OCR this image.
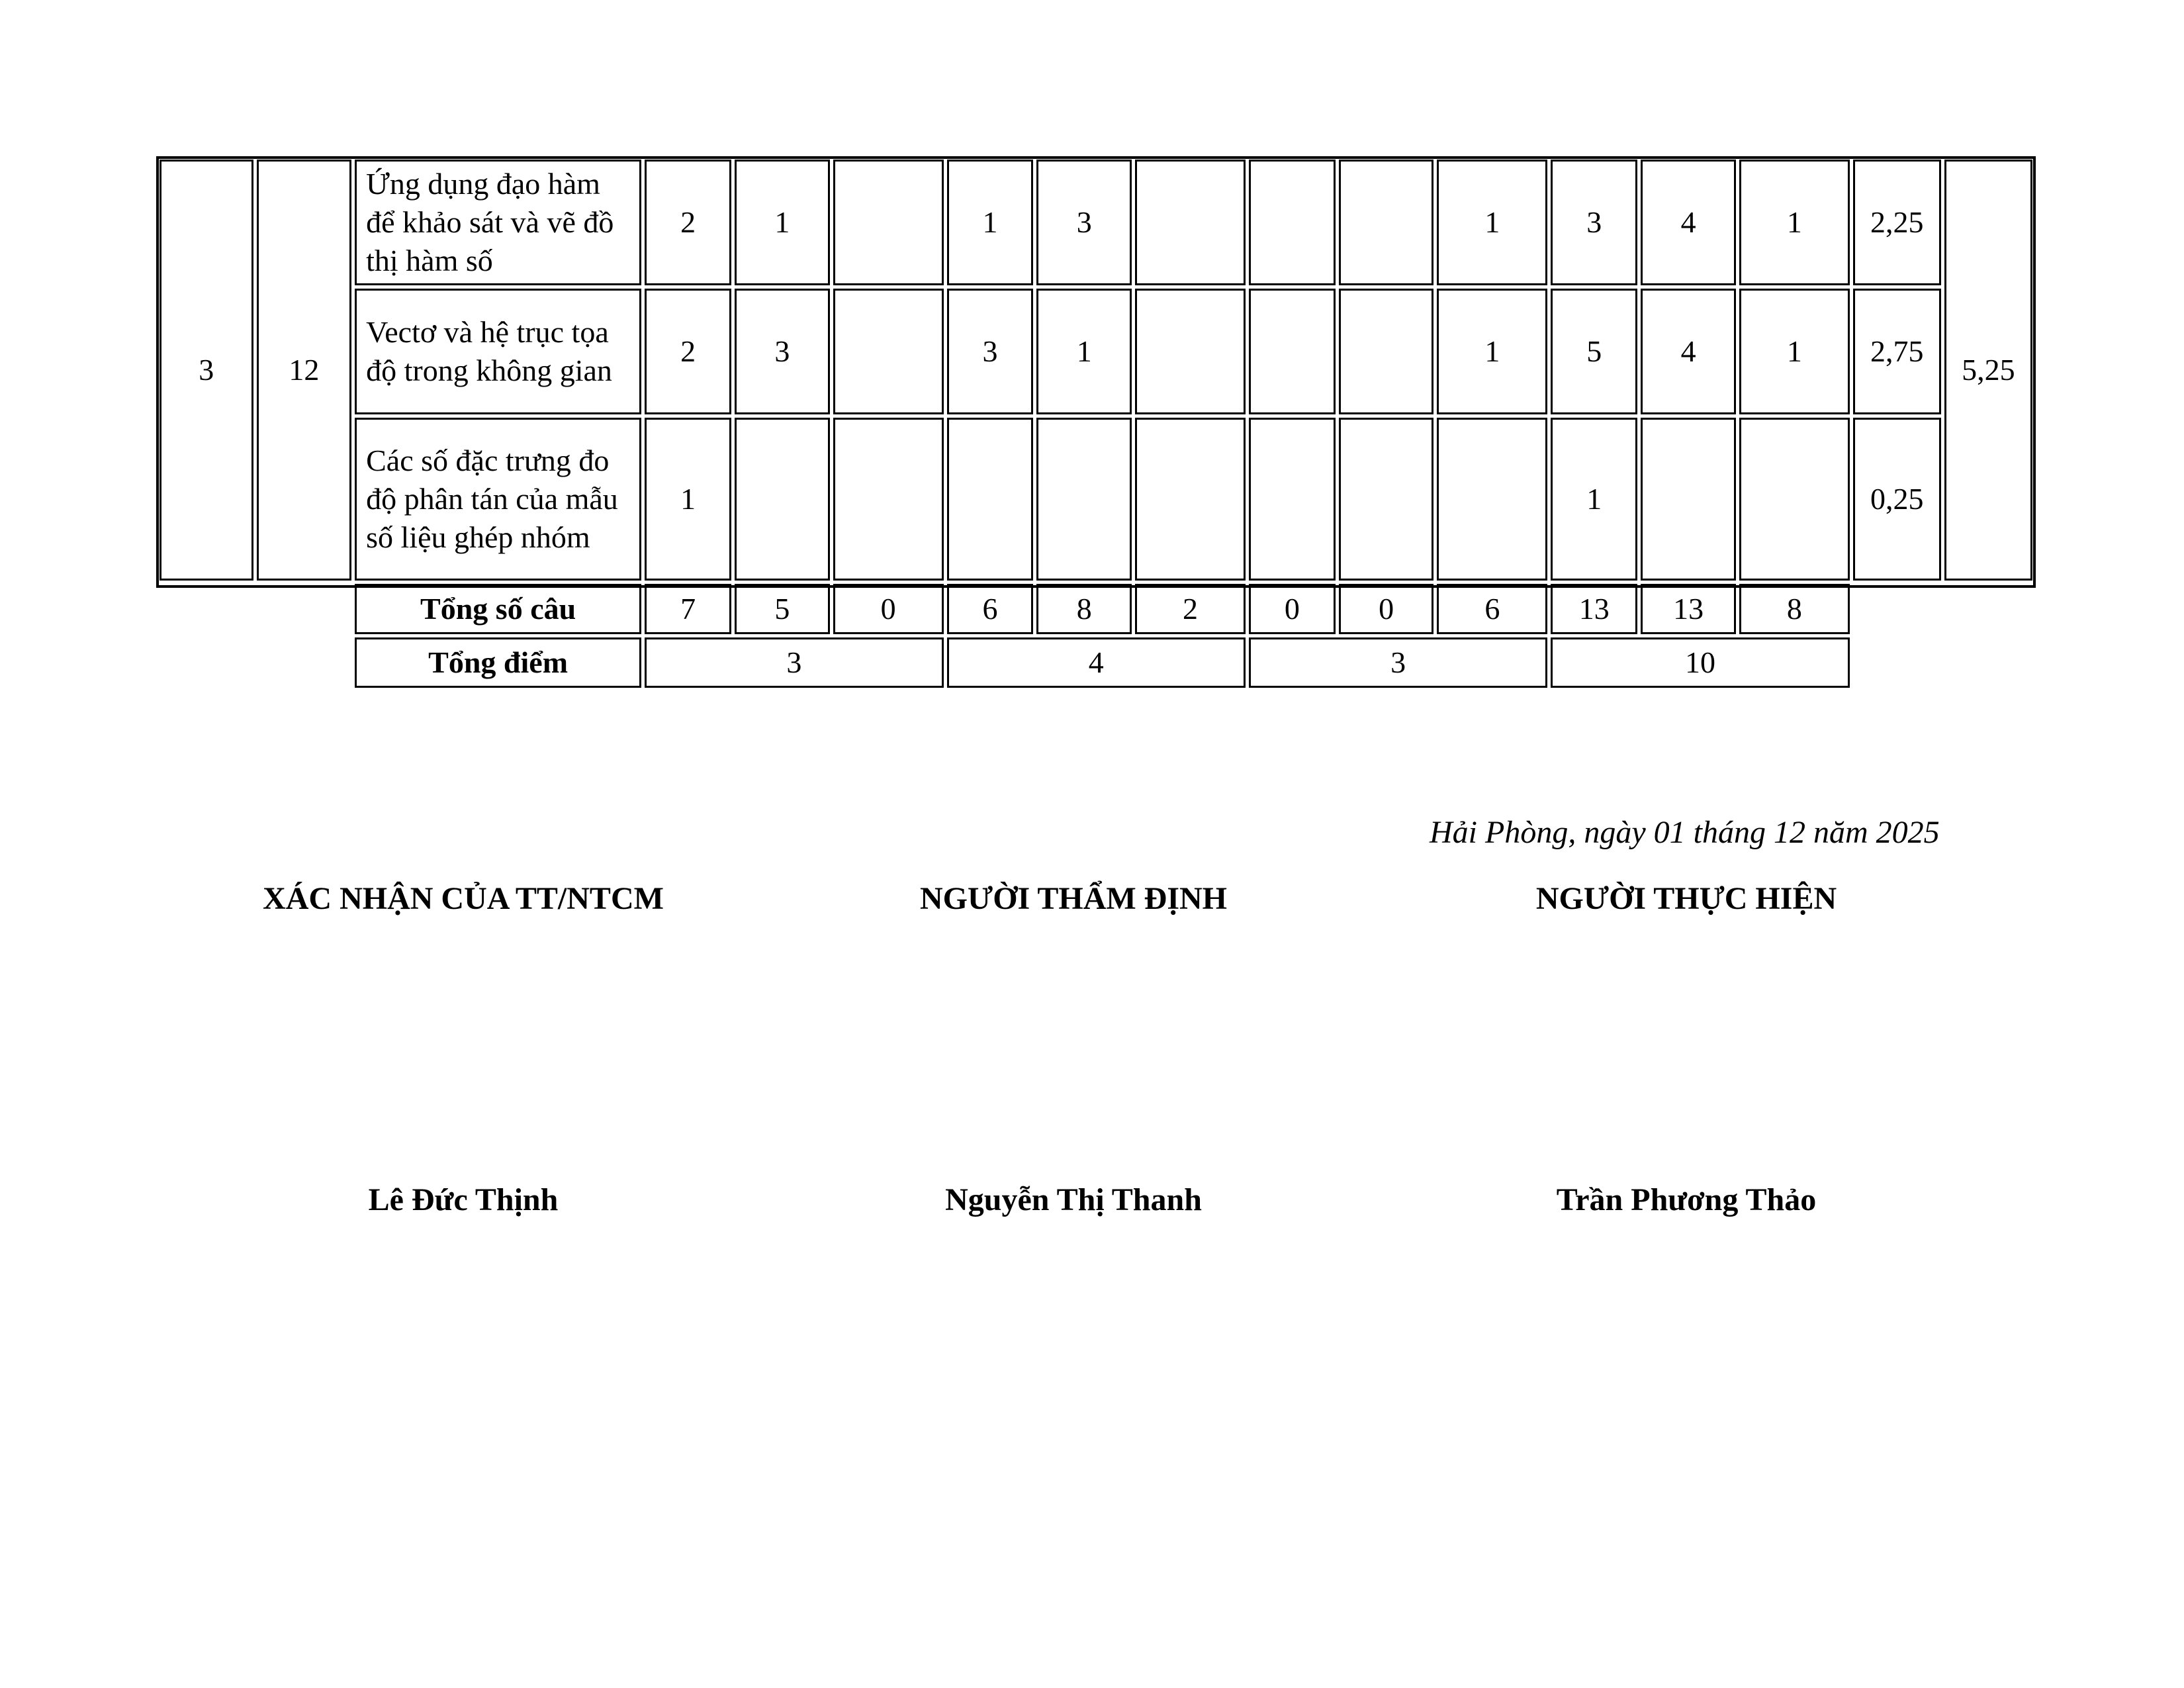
3	12	Ứng dụng đạo hàm để khảo sát và vẽ đồ thị hàm số	2	1		1	3				1	3	4	1	2,25	5,25
		Vectơ và hệ trục tọa độ trong không gian	2	3		3	1				1	5	4	1	2,75	
		Các số đặc trưng đo độ phân tán của mẫu số liệu ghép nhóm	1									1			0,25	
		Tổng số câu	7	5	0	6	8	2	0	0	6	13	13	8		
		Tổng điểm	3			4			3			10				
Hải Phòng, ngày 01 tháng 12 năm 2025
XÁC NHẬN CỦA TT/NTCM	NGƯỜI THẨM ĐỊNH	NGƯỜI THỰC HIỆN
Lê Đức Thịnh	Nguyễn Thị Thanh	Trần Phương Thảo
